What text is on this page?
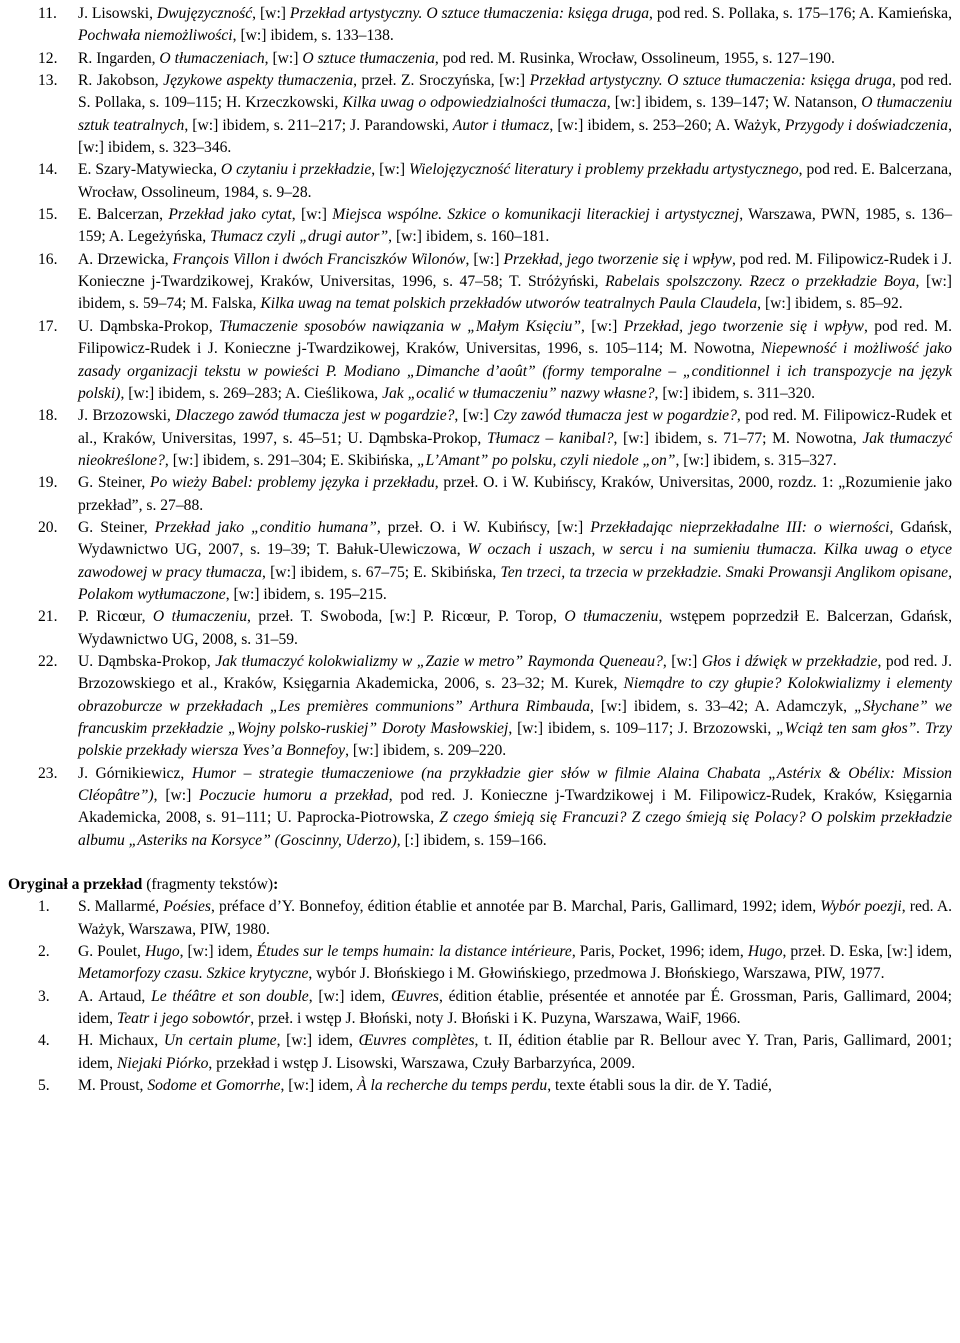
11. J. Lisowski, Dwujęzyczność, [w:] Przekład artystyczny. O sztuce tłumaczenia: księga druga, pod red. S. Pollaka, s. 175–176; A. Kamieńska, Pochwała niemożliwości, [w:] ibidem, s. 133–138.
12. R. Ingarden, O tłumaczeniach, [w:] O sztuce tłumaczenia, pod red. M. Rusinka, Wrocław, Ossolineum, 1955, s. 127–190.
13. R. Jakobson, Językowe aspekty tłumaczenia, przeł. Z. Sroczyńska, [w:] Przekład artystyczny. O sztuce tłumaczenia: księga druga, pod red. S. Pollaka, s. 109–115; H. Krzeczkowski, Kilka uwag o odpowiedzialności tłumacza, [w:] ibidem, s. 139–147; W. Natanson, O tłumaczeniu sztuk teatralnych, [w:] ibidem, s. 211–217; J. Parandowski, Autor i tłumacz, [w:] ibidem, s. 253–260; A. Ważyk, Przygody i doświadczenia, [w:] ibidem, s. 323–346.
14. E. Szary-Matywiecka, O czytaniu i przekładzie, [w:] Wielojęzyczność literatury i problemy przekładu artystycznego, pod red. E. Balcerzana, Wrocław, Ossolineum, 1984, s. 9–28.
15. E. Balcerzan, Przekład jako cytat, [w:] Miejsca wspólne. Szkice o komunikacji literackiej i artystycznej, Warszawa, PWN, 1985, s. 136–159; A. Legeżyńska, Tłumacz czyli „drugi autor”, [w:] ibidem, s. 160–181.
16. A. Drzewicka, François Villon i dwóch Franciszków Wilonów, [w:] Przekład, jego tworzenie się i wpływ, pod red. M. Filipowicz-Rudek i J. Konieczne j-Twardzikowej, Kraków, Universitas, 1996, s. 47–58; T. Stróżyński, Rabelais spolszczony. Rzecz o przekładzie Boya, [w:] ibidem, s. 59–74; M. Falska, Kilka uwag na temat polskich przekładów utworów teatralnych Paula Claudela, [w:] ibidem, s. 85–92.
17. U. Dąmbska-Prokop, Tłumaczenie sposobów nawiązania w „Małym Księciu”, [w:] Przekład, jego tworzenie się i wpływ, pod red. M. Filipowicz-Rudek i J. Konieczne j-Twardzikowej, Kraków, Universitas, 1996, s. 105–114; M. Nowotna, Niepewność i możliwość jako zasady organizacji tekstu w powieści P. Modiano „Dimanche d’août” (formy temporalne – „conditionnel i ich transpozycje na język polski), [w:] ibidem, s. 269–283; A. Cieślikowa, Jak „ocalić w tłumaczeniu” nazwy własne?, [w:] ibidem, s. 311–320.
18. J. Brzozowski, Dlaczego zawód tłumacza jest w pogardzie?, [w:] Czy zawód tłumacza jest w pogardzie?, pod red. M. Filipowicz-Rudek et al., Kraków, Universitas, 1997, s. 45–51; U. Dąmbska-Prokop, Tłumacz – kanibal?, [w:] ibidem, s. 71–77; M. Nowotna, Jak tłumaczyć nieokreślone?, [w:] ibidem, s. 291–304; E. Skibińska, „L’Amant” po polsku, czyli niedole „on”, [w:] ibidem, s. 315–327.
19. G. Steiner, Po wieży Babel: problemy języka i przekładu, przeł. O. i W. Kubińscy, Kraków, Universitas, 2000, rozdz. 1: „Rozumienie jako przekład”, s. 27–88.
20. G. Steiner, Przekład jako „conditio humana”, przeł. O. i W. Kubińscy, [w:] Przekładając nieprzekładalne III: o wierności, Gdańsk, Wydawnictwo UG, 2007, s. 19–39; T. Bałuk-Ulewiczowa, W oczach i uszach, w sercu i na sumieniu tłumacza. Kilka uwag o etyce zawodowej w pracy tłumacza, [w:] ibidem, s. 67–75; E. Skibińska, Ten trzeci, ta trzecia w przekładzie. Smaki Prowansji Anglikom opisane, Polakom wytłumaczone, [w:] ibidem, s. 195–215.
21. P. Ricœur, O tłumaczeniu, przeł. T. Swoboda, [w:] P. Ricœur, P. Torop, O tłumaczeniu, wstępem poprzedził E. Balcerzan, Gdańsk, Wydawnictwo UG, 2008, s. 31–59.
22. U. Dąmbska-Prokop, Jak tłumaczyć kolokwializmy w „Zazie w metro” Raymonda Queneau?, [w:] Głos i dźwięk w przekładzie, pod red. J. Brzozowskiego et al., Kraków, Księgarnia Akademicka, 2006, s. 23–32; M. Kurek, Niemądre to czy głupie? Kolokwializmy i elementy obrazoburcze w przekładach „Les premières communions” Arthura Rimbauda, [w:] ibidem, s. 33–42; A. Adamczyk, „Słychane” we francuskim przekładzie „Wojny polsko-ruskiej” Doroty Masłowskiej, [w:] ibidem, s. 109–117; J. Brzozowski, „Wciąż ten sam głos”. Trzy polskie przekłady wiersza Yves’a Bonnefoy, [w:] ibidem, s. 209–220.
23. J. Górnikiewicz, Humor – strategie tłumaczeniowe (na przykładzie gier słów w filmie Alaina Chabata „Astérix & Obélix: Mission Cléopâtre”), [w:] Poczucie humoru a przekład, pod red. J. Konieczne j-Twardzikowej i M. Filipowicz-Rudek, Kraków, Księgarnia Akademicka, 2008, s. 91–111; U. Paprocka-Piotrowska, Z czego śmieją się Francuzi? Z czego śmieją się Polacy? O polskim przekładzie albumu „Asteriks na Korsyce” (Goscinny, Uderzo), [:] ibidem, s. 159–166.

Oryginał a przekład (fragmenty tekstów):

1. S. Mallarmé, Poésies, préface d’Y. Bonnefoy, édition établie et annotée par B. Marchal, Paris, Gallimard, 1992; idem, Wybór poezji, red. A. Ważyk, Warszawa, PIW, 1980.
2. G. Poulet, Hugo, [w:] idem, Études sur le temps humain: la distance intérieure, Paris, Pocket, 1996; idem, Hugo, przeł. D. Eska, [w:] idem, Metamorfozy czasu. Szkice krytyczne, wybór J. Błońskiego i M. Głowińskiego, przedmowa J. Błońskiego, Warszawa, PIW, 1977.
3. A. Artaud, Le théâtre et son double, [w:] idem, Œuvres, édition établie, présentée et annotée par É. Grossman, Paris, Gallimard, 2004; idem, Teatr i jego sobowtór, przeł. i wstęp J. Błoński, noty J. Błoński i K. Puzyna, Warszawa, WaiF, 1966.
4. H. Michaux, Un certain plume, [w:] idem, Œuvres complètes, t. II, édition établie par R. Bellour avec Y. Tran, Paris, Gallimard, 2001; idem, Niejaki Piórko, przekład i wstęp J. Lisowski, Warszawa, Czuły Barbarzyńca, 2009.
5. M. Proust, Sodome et Gomorrhe, [w:] idem, À la recherche du temps perdu, texte établi sous la dir. de Y. Tadié,
